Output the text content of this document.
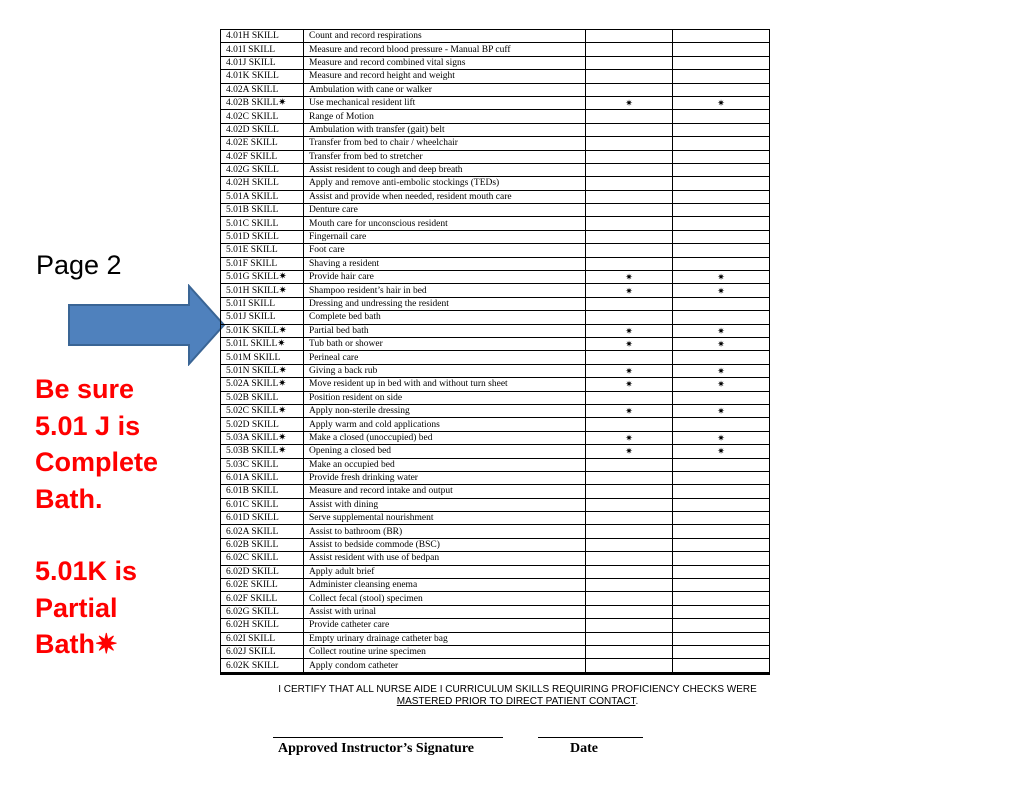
Page 2
Be sure
5.01 J is
Complete
Bath.
5.01K is
Partial
Bath✷
4.01H SKILL	Count and record respirations		
4.01I SKILL	Measure and record blood pressure - Manual BP cuff		
4.01J SKILL	Measure and record combined vital signs		
4.01K SKILL	Measure and record height and weight		
4.02A SKILL	Ambulation with cane or walker		
4.02B SKILL✷	Use mechanical resident lift	✷	✷
4.02C SKILL	Range of Motion		
4.02D SKILL	Ambulation with transfer (gait) belt		
4.02E SKILL	Transfer from bed to chair / wheelchair		
4.02F SKILL	Transfer from bed to stretcher		
4.02G SKILL	Assist resident to cough and deep breath		
4.02H SKILL	Apply and remove anti-embolic stockings (TEDs)		
5.01A SKILL	Assist and provide when needed, resident mouth care		
5.01B SKILL	Denture care		
5.01C SKILL	Mouth care for unconscious resident		
5.01D SKILL	Fingernail care		
5.01E SKILL	Foot care		
5.01F SKILL	Shaving a resident		
5.01G SKILL✷	Provide hair care	✷	✷
5.01H SKILL✷	Shampoo resident’s hair in bed	✷	✷
5.01I SKILL	Dressing and undressing the resident		
5.01J SKILL	Complete bed bath		
5.01K SKILL✷	Partial bed bath	✷	✷
5.01L SKILL✷	Tub bath or shower	✷	✷
5.01M SKILL	Perineal care		
5.01N SKILL✷	Giving a back rub	✷	✷
5.02A SKILL✷	Move resident up in bed with and without turn sheet	✷	✷
5.02B SKILL	Position resident on side		
5.02C SKILL✷	Apply non-sterile dressing	✷	✷
5.02D SKILL	Apply warm and cold applications		
5.03A SKILL✷	Make a closed (unoccupied) bed	✷	✷
5.03B SKILL✷	Opening a closed bed	✷	✷
5.03C SKILL	Make an occupied bed		
6.01A SKILL	Provide fresh drinking water		
6.01B SKILL	Measure and record intake and output		
6.01C SKILL	Assist with dining		
6.01D SKILL	Serve supplemental nourishment		
6.02A SKILL	Assist to bathroom (BR)		
6.02B SKILL	Assist to bedside commode (BSC)		
6.02C SKILL	Assist resident with use of bedpan		
6.02D SKILL	Apply adult brief		
6.02E SKILL	Administer cleansing enema		
6.02F SKILL	Collect fecal (stool) specimen		
6.02G SKILL	Assist with urinal		
6.02H SKILL	Provide catheter care		
6.02I SKILL	Empty urinary drainage catheter bag		
6.02J SKILL	Collect routine urine specimen		
6.02K SKILL	Apply condom catheter		
I CERTIFY THAT ALL NURSE AIDE I CURRICULUM SKILLS REQUIRING PROFICIENCY CHECKS WERE
MASTERED PRIOR TO DIRECT PATIENT CONTACT.
Approved Instructor’s Signature	Date
